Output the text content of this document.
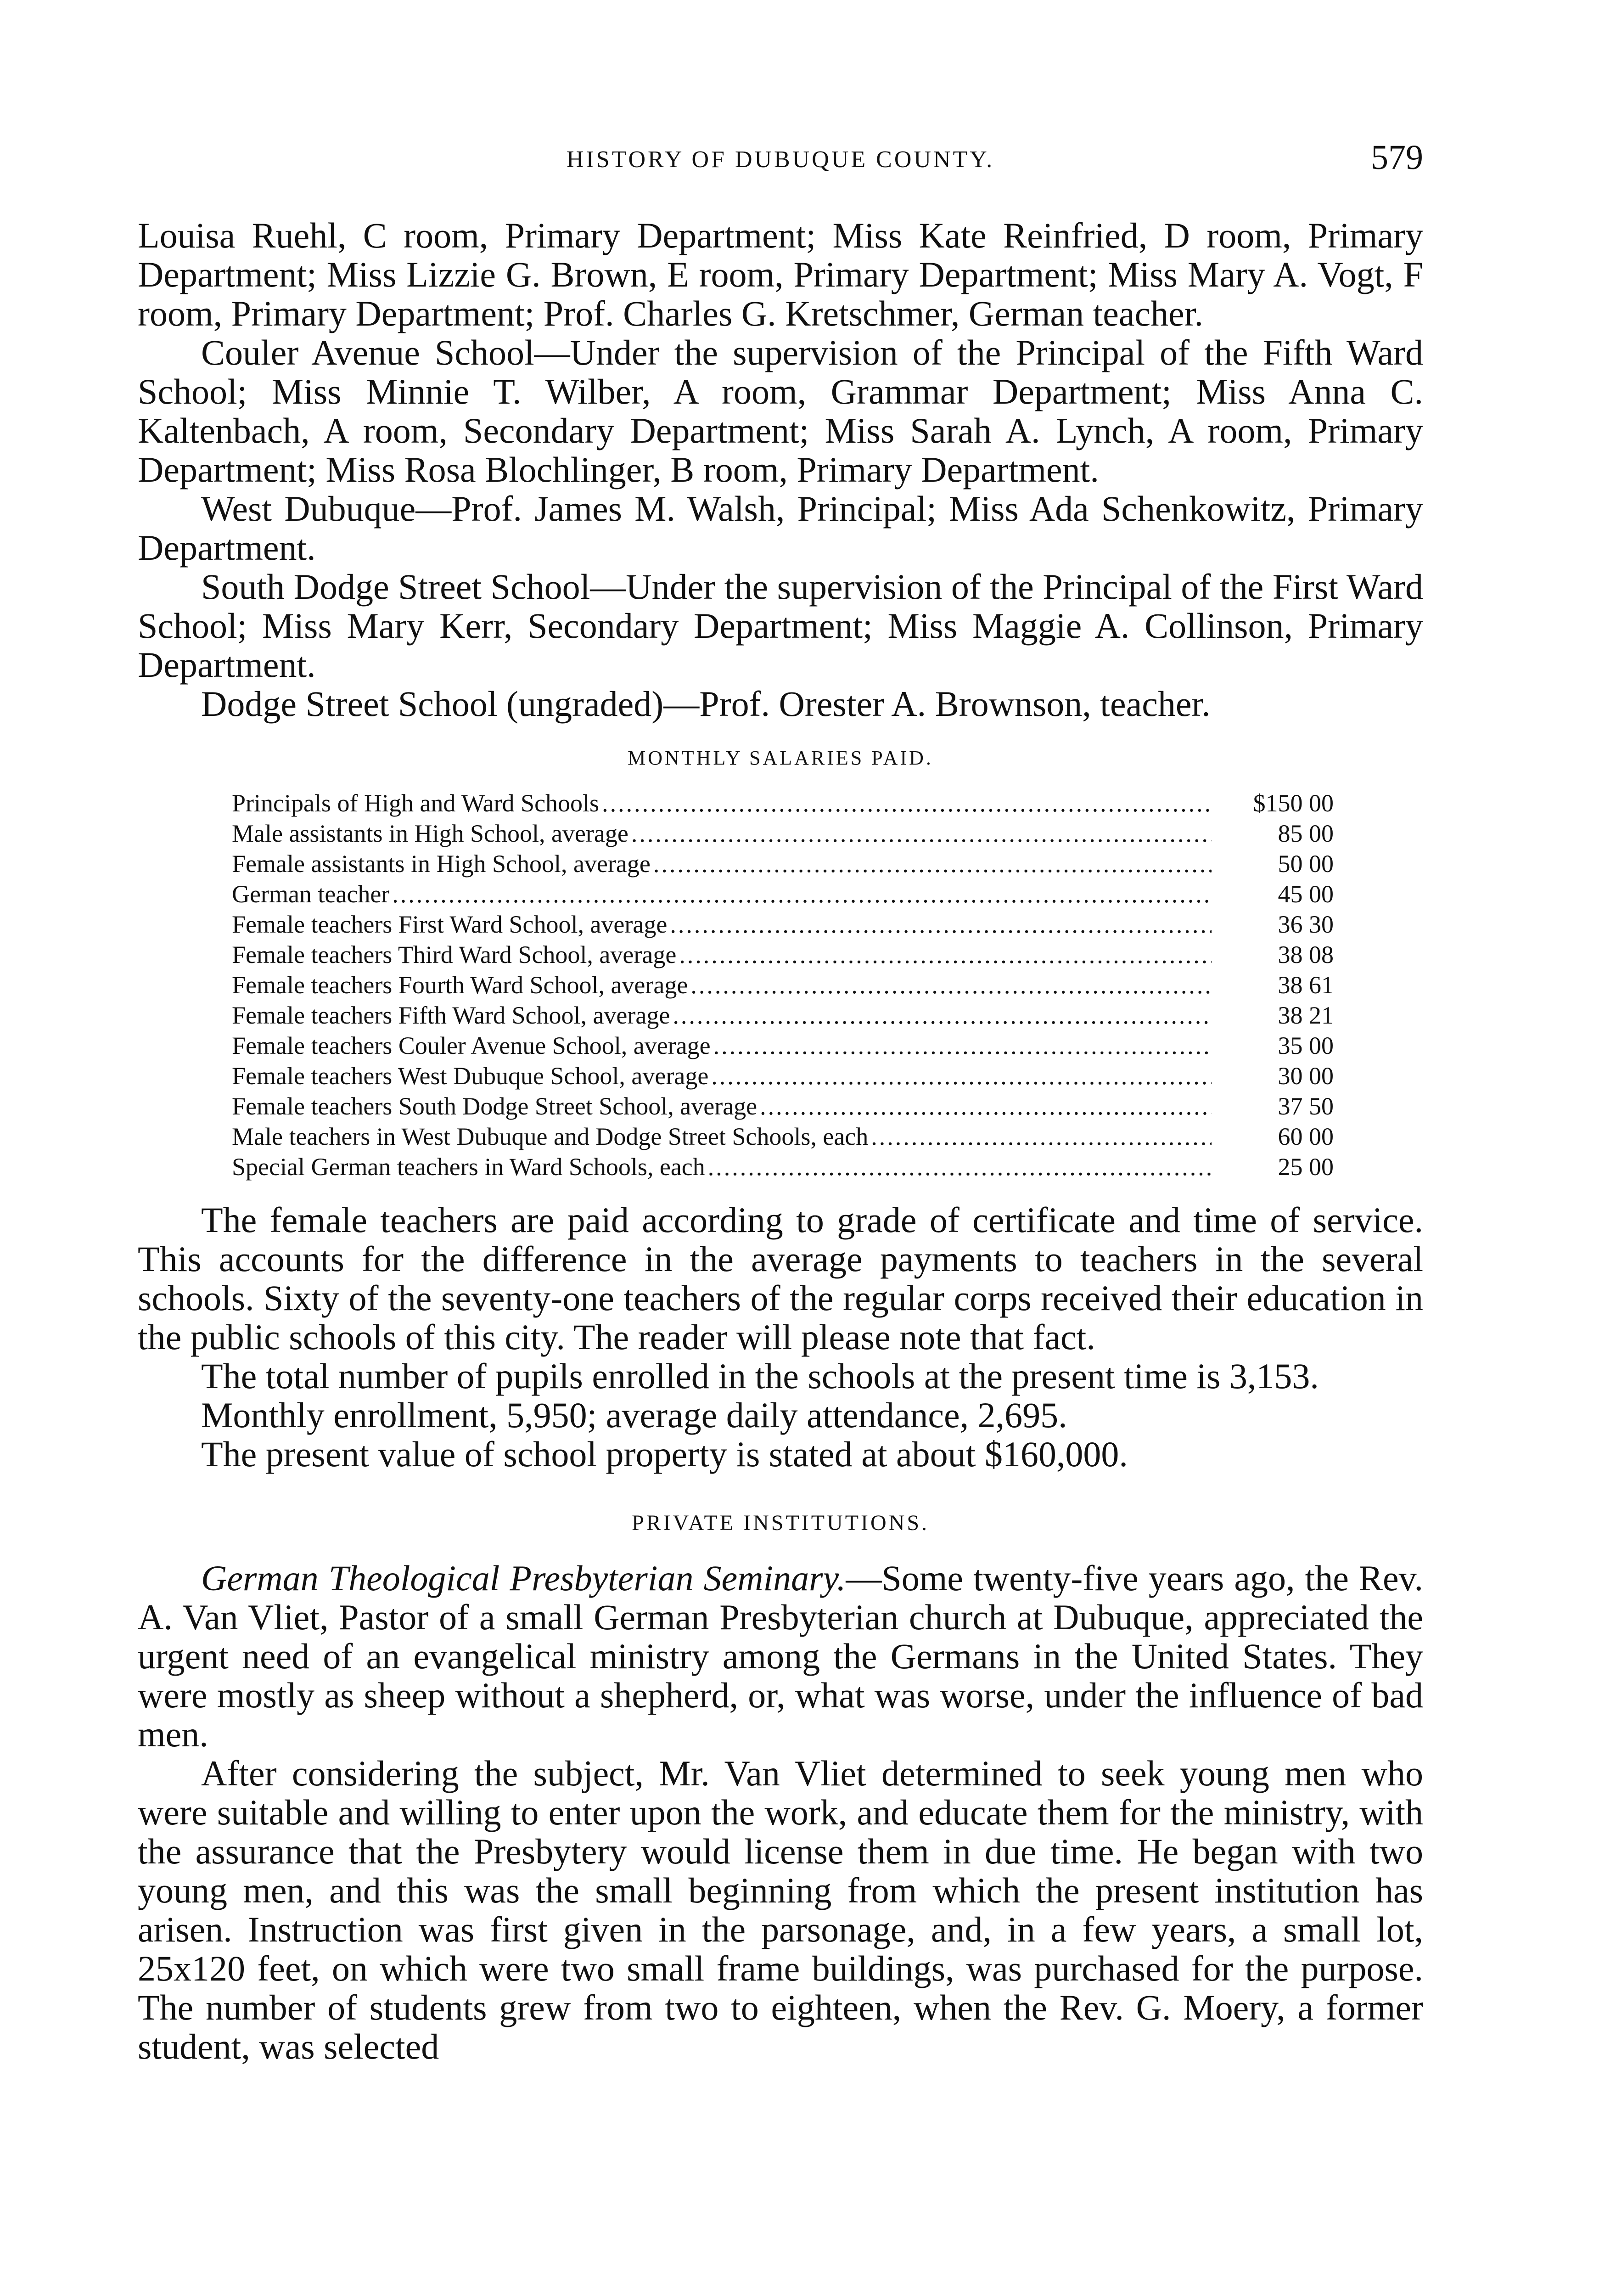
HISTORY OF DUBUQUE COUNTY.	579

Louisa Ruehl, C room, Primary Department; Miss Kate Reinfried, D room, Primary Department; Miss Lizzie G. Brown, E room, Primary Department; Miss Mary A. Vogt, F room, Primary Department; Prof. Charles G. Kretschmer, German teacher.

Couler Avenue School—Under the supervision of the Principal of the Fifth Ward School; Miss Minnie T. Wilber, A room, Grammar Department; Miss Anna C. Kaltenbach, A room, Secondary Department; Miss Sarah A. Lynch, A room, Primary Department; Miss Rosa Blochlinger, B room, Primary Department.

West Dubuque—Prof. James M. Walsh, Principal; Miss Ada Schenkowitz, Primary Department.

South Dodge Street School—Under the supervision of the Principal of the First Ward School; Miss Mary Kerr, Secondary Department; Miss Maggie A. Collinson, Primary Department.

Dodge Street School (ungraded)—Prof. Orester A. Brownson, teacher.

MONTHLY SALARIES PAID.
Principals of High and Ward Schools .....	$150 00
Male assistants in High School, average .....	85 00
Female assistants in High School, average .....	50 00
German teacher .....	45 00
Female teachers First Ward School, average .....	36 30
Female teachers Third Ward School, average .....	38 08
Female teachers Fourth Ward School, average .....	38 61
Female teachers Fifth Ward School, average .....	38 21
Female teachers Couler Avenue School, average .....	35 00
Female teachers West Dubuque School, average .....	30 00
Female teachers South Dodge Street School, average .....	37 50
Male teachers in West Dubuque and Dodge Street Schools, each .....	60 00
Special German teachers in Ward Schools, each .....	25 00

The female teachers are paid according to grade of certificate and time of service. This accounts for the difference in the average payments to teachers in the several schools. Sixty of the seventy-one teachers of the regular corps received their education in the public schools of this city. The reader will please note that fact.

The total number of pupils enrolled in the schools at the present time is 3,153.

Monthly enrollment, 5,950; average daily attendance, 2,695.

The present value of school property is stated at about $160,000.

PRIVATE INSTITUTIONS.

German Theological Presbyterian Seminary.—Some twenty-five years ago, the Rev. A. Van Vliet, Pastor of a small German Presbyterian church at Dubuque, appreciated the urgent need of an evangelical ministry among the Germans in the United States. They were mostly as sheep without a shepherd, or, what was worse, under the influence of bad men.

After considering the subject, Mr. Van Vliet determined to seek young men who were suitable and willing to enter upon the work, and educate them for the ministry, with the assurance that the Presbytery would license them in due time. He began with two young men, and this was the small beginning from which the present institution has arisen. Instruction was first given in the parsonage, and, in a few years, a small lot, 25x120 feet, on which were two small frame buildings, was purchased for the purpose. The number of students grew from two to eighteen, when the Rev. G. Moery, a former student, was selected
